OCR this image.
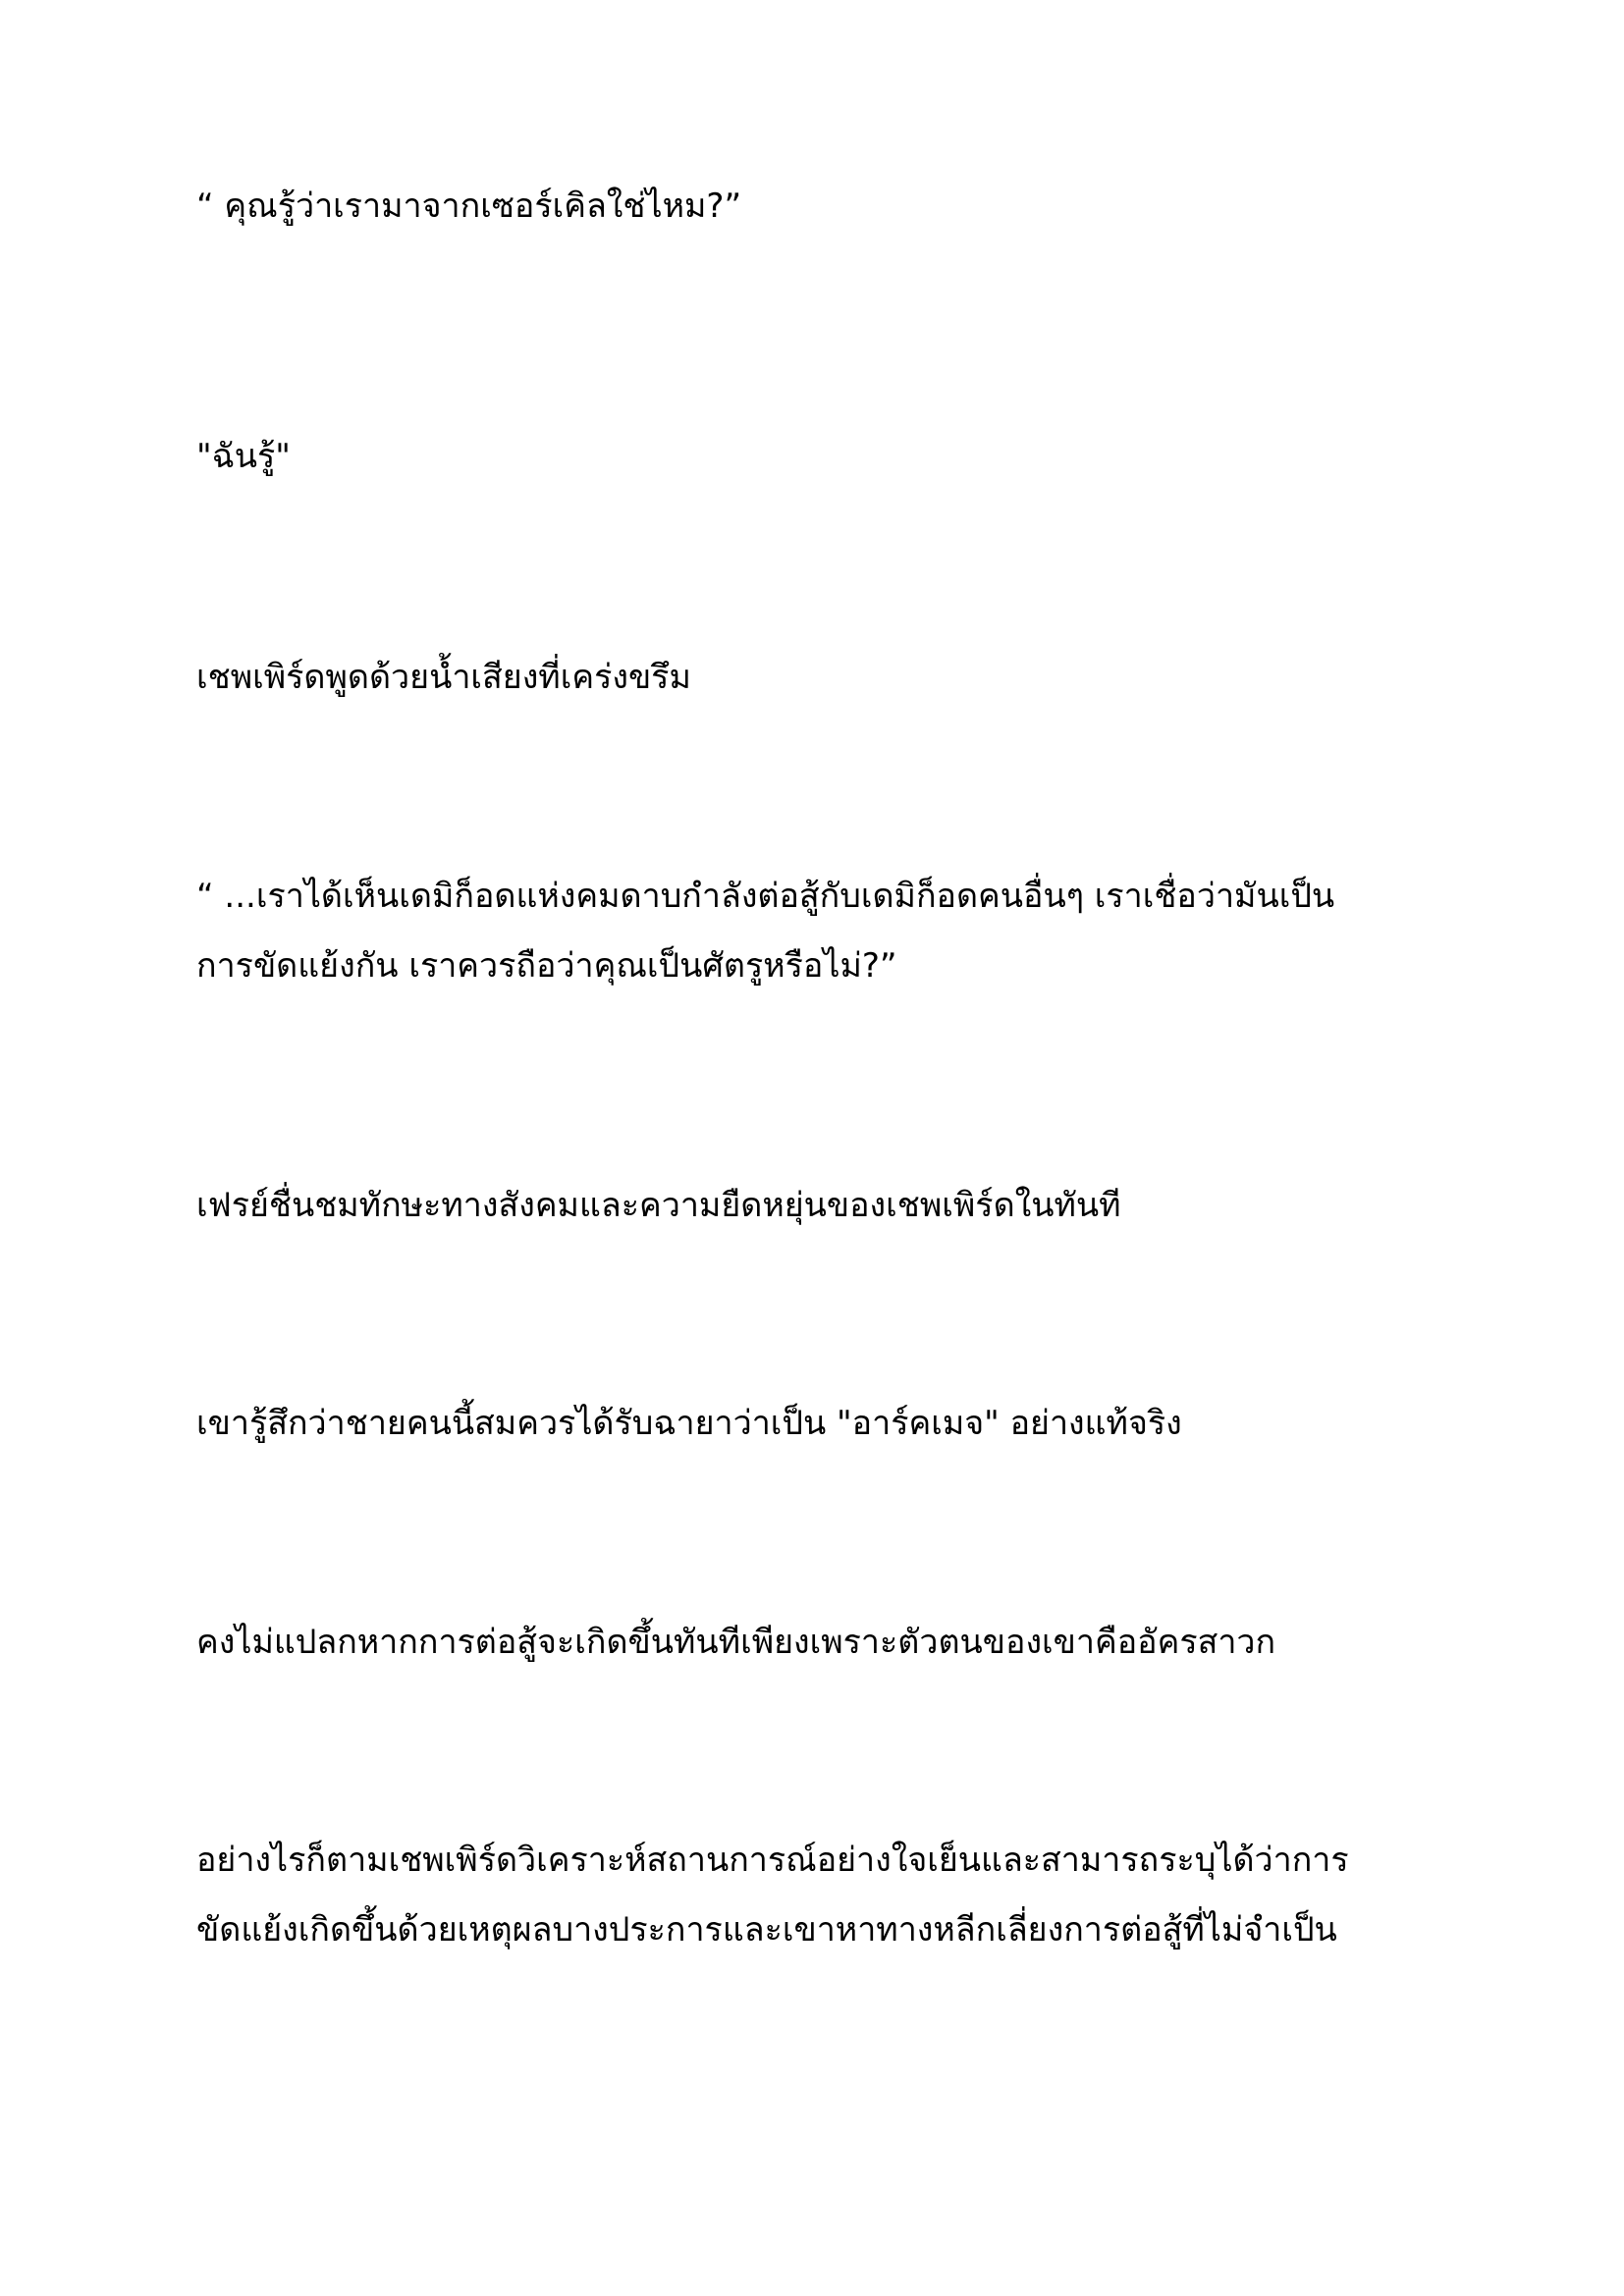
“ คุณรู้ว่าเรามาจากเซอร์เคิลใช่ไหม?”

"ฉันรู้"

เชพเพิร์ดพูดด้วยน้ำเสียงที่เคร่งขรึม

“ ...เราได้เห็นเดมิก็อดแห่งคมดาบกำลังต่อสู้กับเดมิก็อดคนอื่นๆ เราเชื่อว่ามันเป็น
การขัดแย้งกัน เราควรถือว่าคุณเป็นศัตรูหรือไม่?”

เฟรย์ชื่นชมทักษะทางสังคมและความยืดหยุ่นของเชพเพิร์ดในทันที

เขารู้สึกว่าชายคนนี้สมควรได้รับฉายาว่าเป็น "อาร์คเมจ" อย่างแท้จริง

คงไม่แปลกหากการต่อสู้จะเกิดขึ้นทันทีเพียงเพราะตัวตนของเขาคืออัครสาวก

อย่างไรก็ตามเชพเพิร์ดวิเคราะห์สถานการณ์อย่างใจเย็นและสามารถระบุได้ว่าการ
ขัดแย้งเกิดขึ้นด้วยเหตุผลบางประการและเขาหาทางหลีกเลี่ยงการต่อสู้ที่ไม่จำเป็น
